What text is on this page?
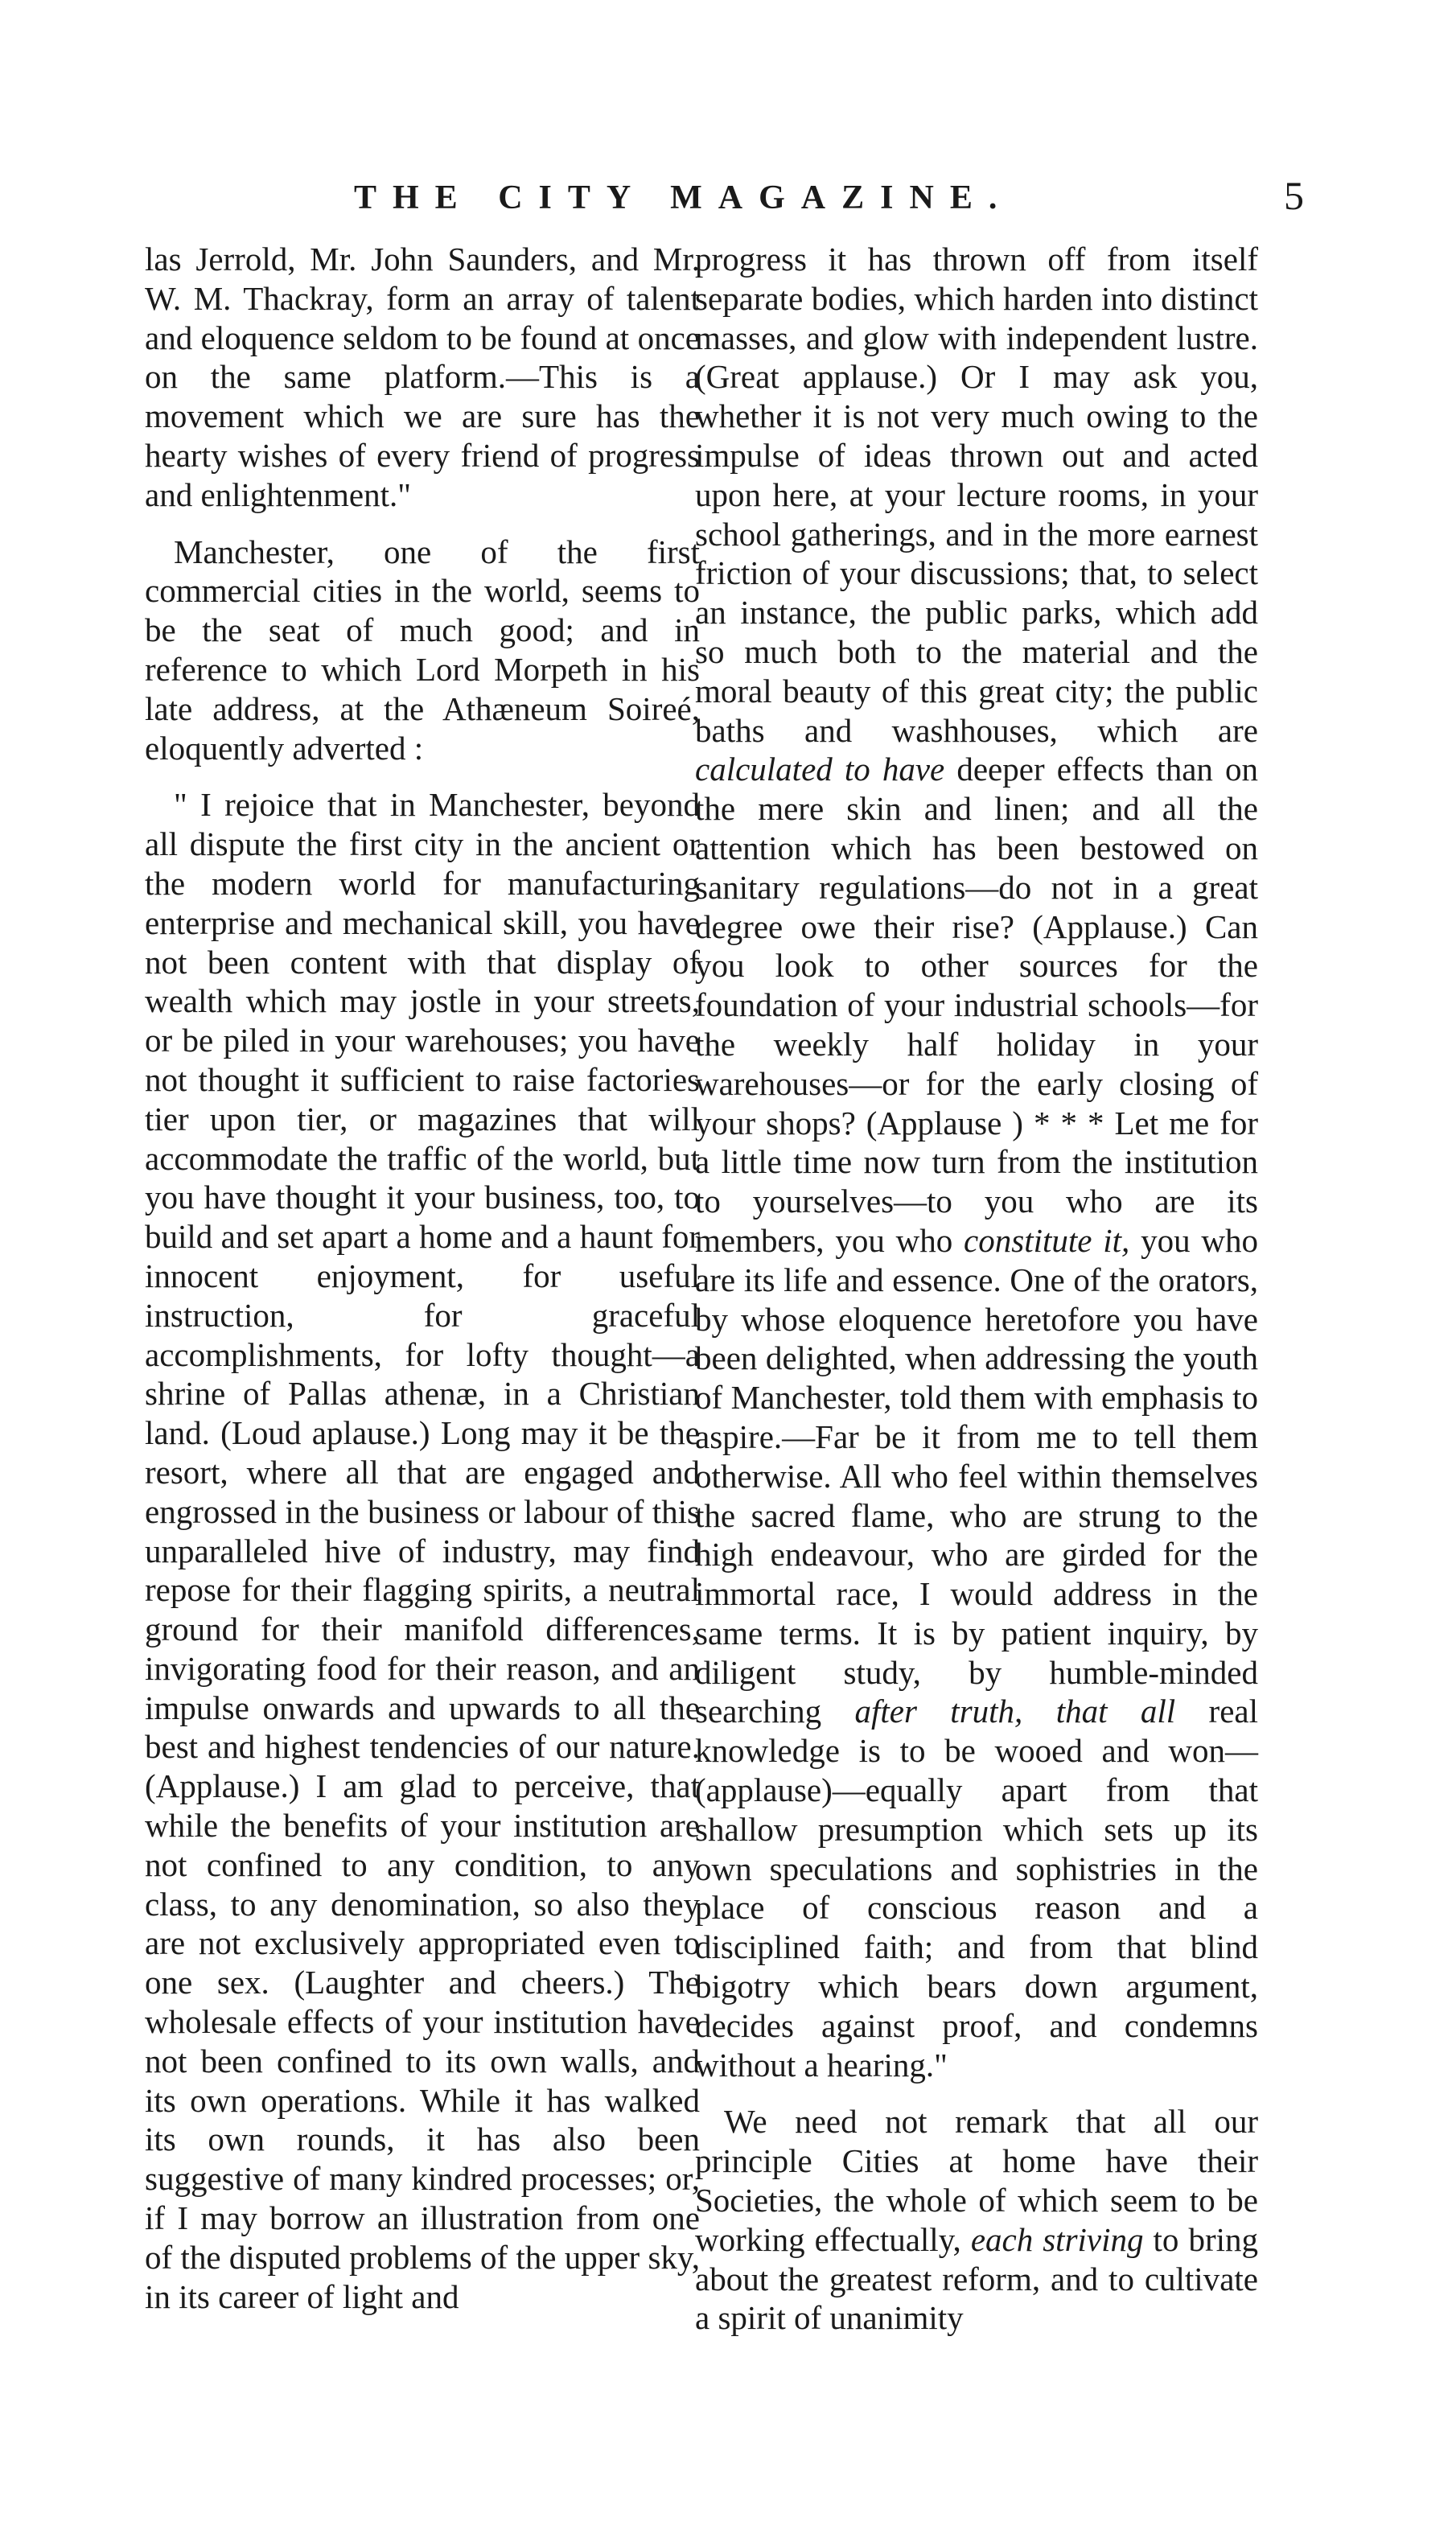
THE CITY MAGAZINE.	5

las Jerrold, Mr. John Saunders, and Mr. W. M. Thackray, form an array of talent and eloquence seldom to be found at once on the same platform.—This is a movement which we are sure has the hearty wishes of every friend of progress and enlightenment."

Manchester, one of the first commercial cities in the world, seems to be the seat of much good; and in reference to which Lord Morpeth in his late address, at the Athæneum Soireé, eloquently adverted :

" I rejoice that in Manchester, beyond all dispute the first city in the ancient or the modern world for manufacturing enterprise and mechanical skill, you have not been content with that display of wealth which may jostle in your streets, or be piled in your warehouses; you have not thought it sufficient to raise factories tier upon tier, or magazines that will accommodate the traffic of the world, but you have thought it your business, too, to build and set apart a home and a haunt for innocent enjoyment, for useful instruction, for graceful accomplishments, for lofty thought—a shrine of Pallas athenæ, in a Christian land. (Loud aplause.) Long may it be the resort, where all that are engaged and engrossed in the business or labour of this unparalleled hive of industry, may find repose for their flagging spirits, a neutral ground for their manifold differences, invigorating food for their reason, and an impulse onwards and upwards to all the best and highest tendencies of our nature. (Applause.) I am glad to perceive, that while the benefits of your institution are not confined to any condition, to any class, to any denomination, so also they are not exclusively appropriated even to one sex. (Laughter and cheers.) The wholesale effects of your institution have not been confined to its own walls, and its own operations. While it has walked its own rounds, it has also been suggestive of many kindred processes; or, if I may borrow an illustration from one of the disputed problems of the upper sky, in its career of light and

progress it has thrown off from itself separate bodies, which harden into distinct masses, and glow with independent lustre. (Great applause.) Or I may ask you, whether it is not very much owing to the impulse of ideas thrown out and acted upon here, at your lecture rooms, in your school gatherings, and in the more earnest friction of your discussions; that, to select an instance, the public parks, which add so much both to the material and the moral beauty of this great city; the public baths and washhouses, which are calculated to have deeper effects than on the mere skin and linen; and all the attention which has been bestowed on sanitary regulations—do not in a great degree owe their rise? (Applause.) Can you look to other sources for the foundation of your industrial schools—for the weekly half holiday in your warehouses—or for the early closing of your shops? (Applause ) * * * Let me for a little time now turn from the institution to yourselves—to you who are its members, you who constitute it, you who are its life and essence. One of the orators, by whose eloquence heretofore you have been delighted, when addressing the youth of Manchester, told them with emphasis to aspire.—Far be it from me to tell them otherwise. All who feel within themselves the sacred flame, who are strung to the high endeavour, who are girded for the immortal race, I would address in the same terms. It is by patient inquiry, by diligent study, by humble-minded searching after truth, that all real knowledge is to be wooed and won—(applause)—equally apart from that shallow presumption which sets up its own speculations and sophistries in the place of conscious reason and a disciplined faith; and from that blind bigotry which bears down argument, decides against proof, and condemns without a hearing."

We need not remark that all our principle Cities at home have their Societies, the whole of which seem to be working effectually, each striving to bring about the greatest reform, and to cultivate a spirit of unanimity
